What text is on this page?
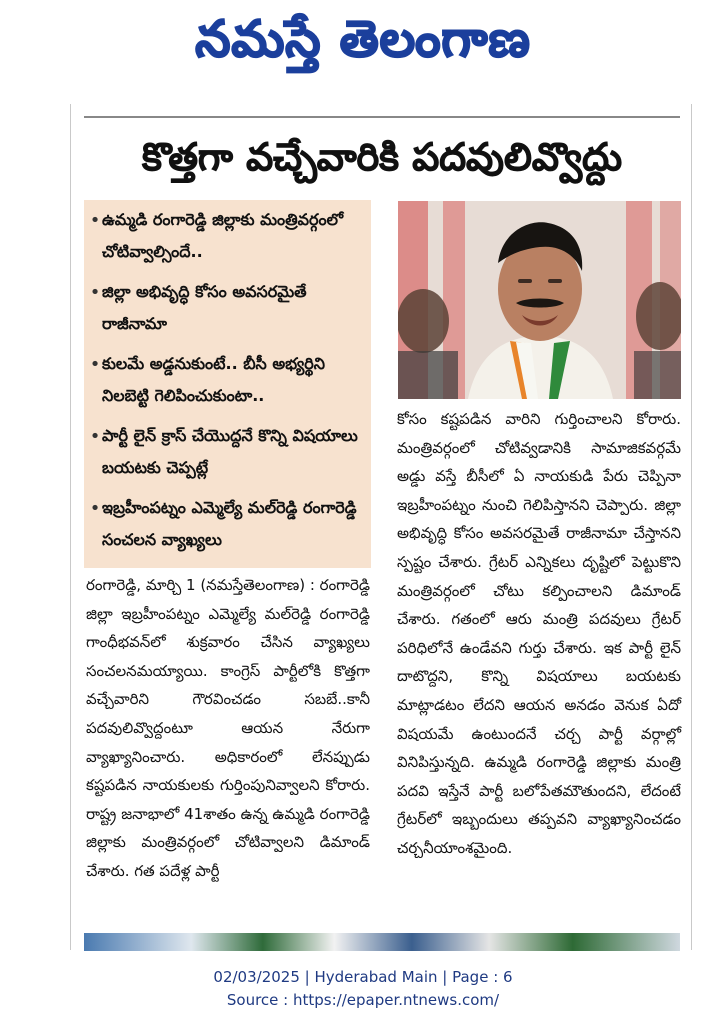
నమస్తే తెలంగాణ
కొత్తగా వచ్చేవారికి పదవులివ్వొద్దు
• ఉమ్మడి రంగారెడ్డి జిల్లాకు మంత్రివర్గంలో చోటివ్వాల్సిందే..
• జిల్లా అభివృద్ధి కోసం అవసరమైతే రాజీనామా
• కులమే అడ్డనుకుంటే.. బీసీ అభ్యర్థిని నిలబెట్టి గెలిపించుకుంటా..
• పార్టీ లైన్ క్రాస్ చేయొద్దనే కొన్ని విషయాలు బయటకు చెప్పట్లే
• ఇబ్రహీంపట్నం ఎమ్మెల్యే మల్‌రెడ్డి రంగారెడ్డి సంచలన వ్యాఖ్యలు
రంగారెడ్డి, మార్చి 1 (నమస్తేతెలంగాణ) : రంగారెడ్డి జిల్లా ఇబ్రహీంపట్నం ఎమ్మెల్యే మల్‌రెడ్డి రంగారెడ్డి గాంధీభవన్‌లో శుక్రవారం చేసిన వ్యాఖ్యలు సంచలనమయ్యాయి. కాంగ్రెస్ పార్టీలోకి కొత్తగా వచ్చేవారిని గౌరవించడం సబబే..కానీ పదవులివ్వొద్దంటూ ఆయన నేరుగా వ్యాఖ్యానించారు. అధికారంలో లేనప్పుడు కష్టపడిన నాయకులకు గుర్తింపునివ్వాలని కోరారు. రాష్ట్ర జనాభాలో 41శాతం ఉన్న ఉమ్మడి రంగారెడ్డి జిల్లాకు మంత్రివర్గంలో చోటివ్వాలని డిమాండ్ చేశారు. గత పదేళ్ల పార్టీ
కోసం కష్టపడిన వారిని గుర్తించాలని కోరారు. మంత్రివర్గంలో చోటివ్వడానికి సామాజికవర్గమే అడ్డు వస్తే బీసీలో ఏ నాయకుడి పేరు చెప్పినా ఇబ్రహీంపట్నం నుంచి గెలిపిస్తానని చెప్పారు. జిల్లా అభివృద్ధి కోసం అవసరమైతే రాజీనామా చేస్తానని స్పష్టం చేశారు. గ్రేటర్ ఎన్నికలు దృష్టిలో పెట్టుకొని మంత్రివర్గంలో చోటు కల్పించాలని డిమాండ్ చేశారు. గతంలో ఆరు మంత్రి పదవులు గ్రేటర్ పరిధిలోనే ఉండేవని గుర్తు చేశారు. ఇక పార్టీ లైన్ దాటొద్దని, కొన్ని విషయాలు బయటకు మాట్లాడటం లేదని ఆయన అనడం వెనుక ఏదో విషయమే ఉంటుందనే చర్చ పార్టీ వర్గాల్లో వినిపిస్తున్నది. ఉమ్మడి రంగారెడ్డి జిల్లాకు మంత్రి పదవి ఇస్తేనే పార్టీ బలోపేతమౌతుందని, లేదంటే గ్రేటర్‌లో ఇబ్బందులు తప్పవని వ్యాఖ్యానించడం చర్చనీయాంశమైంది.
02/03/2025 | Hyderabad Main | Page : 6
Source : https://epaper.ntnews.com/
